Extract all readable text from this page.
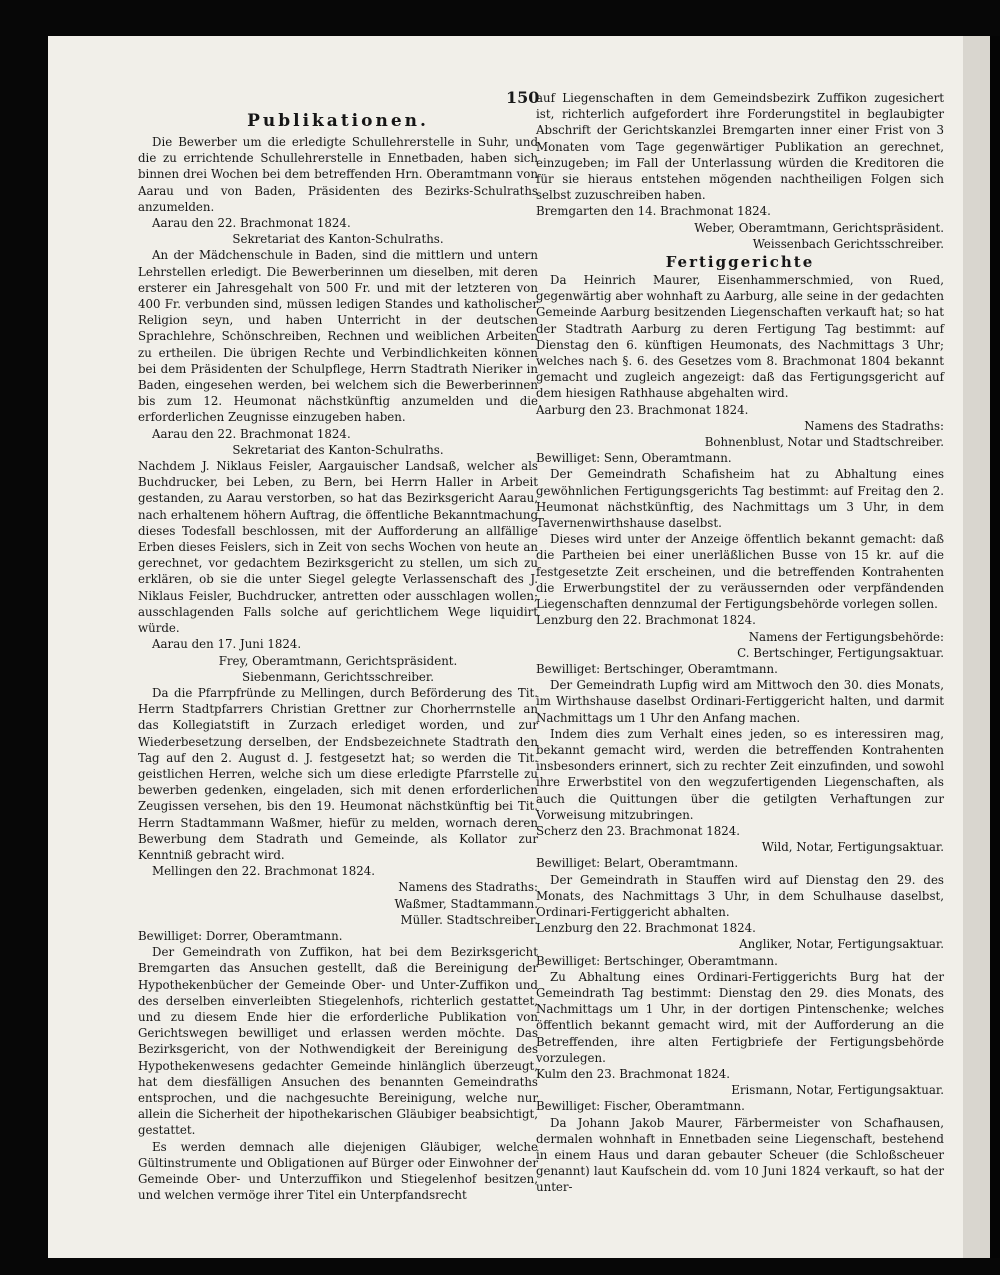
150

Publikationen.

Die Bewerber um die erledigte Schullehrerstelle in Suhr, und die zu errichtende Schullehrerstelle in Ennetbaden, haben sich binnen drei Wochen bei dem betreffenden Hrn. Oberamtmann von Aarau und von Baden, Präsidenten des Bezirks-Schulraths anzumelden.

Aarau den 22. Brachmonat 1824.

Sekretariat des Kanton-Schulraths.

An der Mädchenschule in Baden, sind die mittlern und untern Lehrstellen erledigt. Die Bewerberinnen um dieselben, mit deren ersterer ein Jahresgehalt von 500 Fr. und mit der letzteren von 400 Fr. verbunden sind, müssen ledigen Standes und katholischer Religion seyn, und haben Unterricht in der deutschen Sprachlehre, Schönschreiben, Rechnen und weiblichen Arbeiten zu ertheilen. Die übrigen Rechte und Verbindlichkeiten können bei dem Präsidenten der Schulpflege, Herrn Stadtrath Nieriker in Baden, eingesehen werden, bei welchem sich die Bewerberinnen bis zum 12. Heumonat nächstkünftig anzumelden und die erforderlichen Zeugnisse einzugeben haben.

Aarau den 22. Brachmonat 1824.

Sekretariat des Kanton-Schulraths.

Nachdem J. Niklaus Feisler, Aargauischer Landsaß, welcher als Buchdrucker, bei Leben, zu Bern, bei Herrn Haller in Arbeit gestanden, zu Aarau verstorben, so hat das Bezirksgericht Aarau, nach erhaltenem höhern Auftrag, die öffentliche Bekanntmachung dieses Todesfall beschlossen, mit der Aufforderung an allfällige Erben dieses Feislers, sich in Zeit von sechs Wochen von heute an gerechnet, vor gedachtem Bezirksgericht zu stellen, um sich zu erklären, ob sie die unter Siegel gelegte Verlassenschaft des J. Niklaus Feisler, Buchdrucker, antretten oder ausschlagen wollen; ausschlagenden Falls solche auf gerichtlichem Wege liquidirt würde.

Aarau den 17. Juni 1824.

Frey, Oberamtmann, Gerichtspräsident.

Siebenmann, Gerichtsschreiber.

Da die Pfarrpfründe zu Mellingen, durch Beförderung des Tit. Herrn Stadtpfarrers Christian Grettner zur Chorherrnstelle an das Kollegiatstift in Zurzach erlediget worden, und zur Wiederbesetzung derselben, der Endsbezeichnete Stadtrath den Tag auf den 2. August d. J. festgesetzt hat; so werden die Tit. geistlichen Herren, welche sich um diese erledigte Pfarrstelle zu bewerben gedenken, eingeladen, sich mit denen erforderlichen Zeugissen versehen, bis den 19. Heumonat nächstkünftig bei Tit. Herrn Stadtammann Waßmer, hiefür zu melden, wornach deren Bewerbung dem Stadrath und Gemeinde, als Kollator zur Kenntniß gebracht wird.

Mellingen den 22. Brachmonat 1824.

Namens des Stadraths:

Waßmer, Stadtammann.

Müller. Stadtschreiber.

Bewilliget: Dorrer, Oberamtmann.

Der Gemeindrath von Zuffikon, hat bei dem Bezirksgericht Bremgarten das Ansuchen gestellt, daß die Bereinigung der Hypothekenbücher der Gemeinde Ober- und Unter-Zuffikon und des derselben einverleibten Stiegelenhofs, richterlich gestattet, und zu diesem Ende hier die erforderliche Publikation von Gerichtswegen bewilliget und erlassen werden möchte. Das Bezirksgericht, von der Nothwendigkeit der Bereinigung des Hypothekenwesens gedachter Gemeinde hinlänglich überzeugt, hat dem diesfälligen Ansuchen des benannten Gemeindraths entsprochen, und die nachgesuchte Bereinigung, welche nur allein die Sicherheit der hipothekarischen Gläubiger beabsichtigt, gestattet.

Es werden demnach alle diejenigen Gläubiger, welche Gültinstrumente und Obligationen auf Bürger oder Einwohner der Gemeinde Ober- und Unterzuffikon und Stiegelenhof besitzen, und welchen vermöge ihrer Titel ein Unterpfandsrecht

auf Liegenschaften in dem Gemeindsbezirk Zuffikon zugesichert ist, richterlich aufgefordert ihre Forderungstitel in beglaubigter Abschrift der Gerichtskanzlei Bremgarten inner einer Frist von 3 Monaten vom Tage gegenwärtiger Publikation an gerechnet, einzugeben; im Fall der Unterlassung würden die Kreditoren die für sie hieraus entstehen mögenden nachtheiligen Folgen sich selbst zuzuschreiben haben.

Bremgarten den 14. Brachmonat 1824.

Weber, Oberamtmann, Gerichtspräsident.

Weissenbach Gerichtsschreiber.

Fertiggerichte

Da Heinrich Maurer, Eisenhammerschmied, von Rued, gegenwärtig aber wohnhaft zu Aarburg, alle seine in der gedachten Gemeinde Aarburg besitzenden Liegenschaften verkauft hat; so hat der Stadtrath Aarburg zu deren Fertigung Tag bestimmt: auf Dienstag den 6. künftigen Heumonats, des Nachmittags 3 Uhr; welches nach §. 6. des Gesetzes vom 8. Brachmonat 1804 bekannt gemacht und zugleich angezeigt: daß das Fertigungsgericht auf dem hiesigen Rathhause abgehalten wird.

Aarburg den 23. Brachmonat 1824.

Namens des Stadraths:

Bohnenblust, Notar und Stadtschreiber.

Bewilliget: Senn, Oberamtmann.

Der Gemeindrath Schafisheim hat zu Abhaltung eines gewöhnlichen Fertigungsgerichts Tag bestimmt: auf Freitag den 2. Heumonat nächstkünftig, des Nachmittags um 3 Uhr, in dem Tavernenwirthshause daselbst.

Dieses wird unter der Anzeige öffentlich bekannt gemacht: daß die Partheien bei einer unerläßlichen Busse von 15 kr. auf die festgesetzte Zeit erscheinen, und die betreffenden Kontrahenten die Erwerbungstitel der zu veräussernden oder verpfändenden Liegenschaften dennzumal der Fertigungsbehörde vorlegen sollen.

Lenzburg den 22. Brachmonat 1824.

Namens der Fertigungsbehörde:

C. Bertschinger, Fertigungsaktuar.

Bewilliget: Bertschinger, Oberamtmann.

Der Gemeindrath Lupfig wird am Mittwoch den 30. dies Monats, im Wirthshause daselbst Ordinari-Fertiggericht halten, und darmit Nachmittags um 1 Uhr den Anfang machen.

Indem dies zum Verhalt eines jeden, so es interessiren mag, bekannt gemacht wird, werden die betreffenden Kontrahenten insbesonders erinnert, sich zu rechter Zeit einzufinden, und sowohl ihre Erwerbstitel von den wegzufertigenden Liegenschaften, als auch die Quittungen über die getilgten Verhaftungen zur Vorweisung mitzubringen.

Scherz den 23. Brachmonat 1824.

Wild, Notar, Fertigungsaktuar.

Bewilliget: Belart, Oberamtmann.

Der Gemeindrath in Stauffen wird auf Dienstag den 29. des Monats, des Nachmittags 3 Uhr, in dem Schulhause daselbst, Ordinari-Fertiggericht abhalten.

Lenzburg den 22. Brachmonat 1824.

Angliker, Notar, Fertigungsaktuar.

Bewilliget: Bertschinger, Oberamtmann.

Zu Abhaltung eines Ordinari-Fertiggerichts Burg hat der Gemeindrath Tag bestimmt: Dienstag den 29. dies Monats, des Nachmittags um 1 Uhr, in der dortigen Pintenschenke; welches öffentlich bekannt gemacht wird, mit der Aufforderung an die Betreffenden, ihre alten Fertigbriefe der Fertigungsbehörde vorzulegen.

Kulm den 23. Brachmonat 1824.

Erismann, Notar, Fertigungsaktuar.

Bewilliget: Fischer, Oberamtmann.

Da Johann Jakob Maurer, Färbermeister von Schafhausen, dermalen wohnhaft in Ennetbaden seine Liegenschaft, bestehend in einem Haus und daran gebauter Scheuer (die Schloßscheuer genannt) laut Kaufschein dd. vom 10 Juni 1824 verkauft, so hat der unter-
